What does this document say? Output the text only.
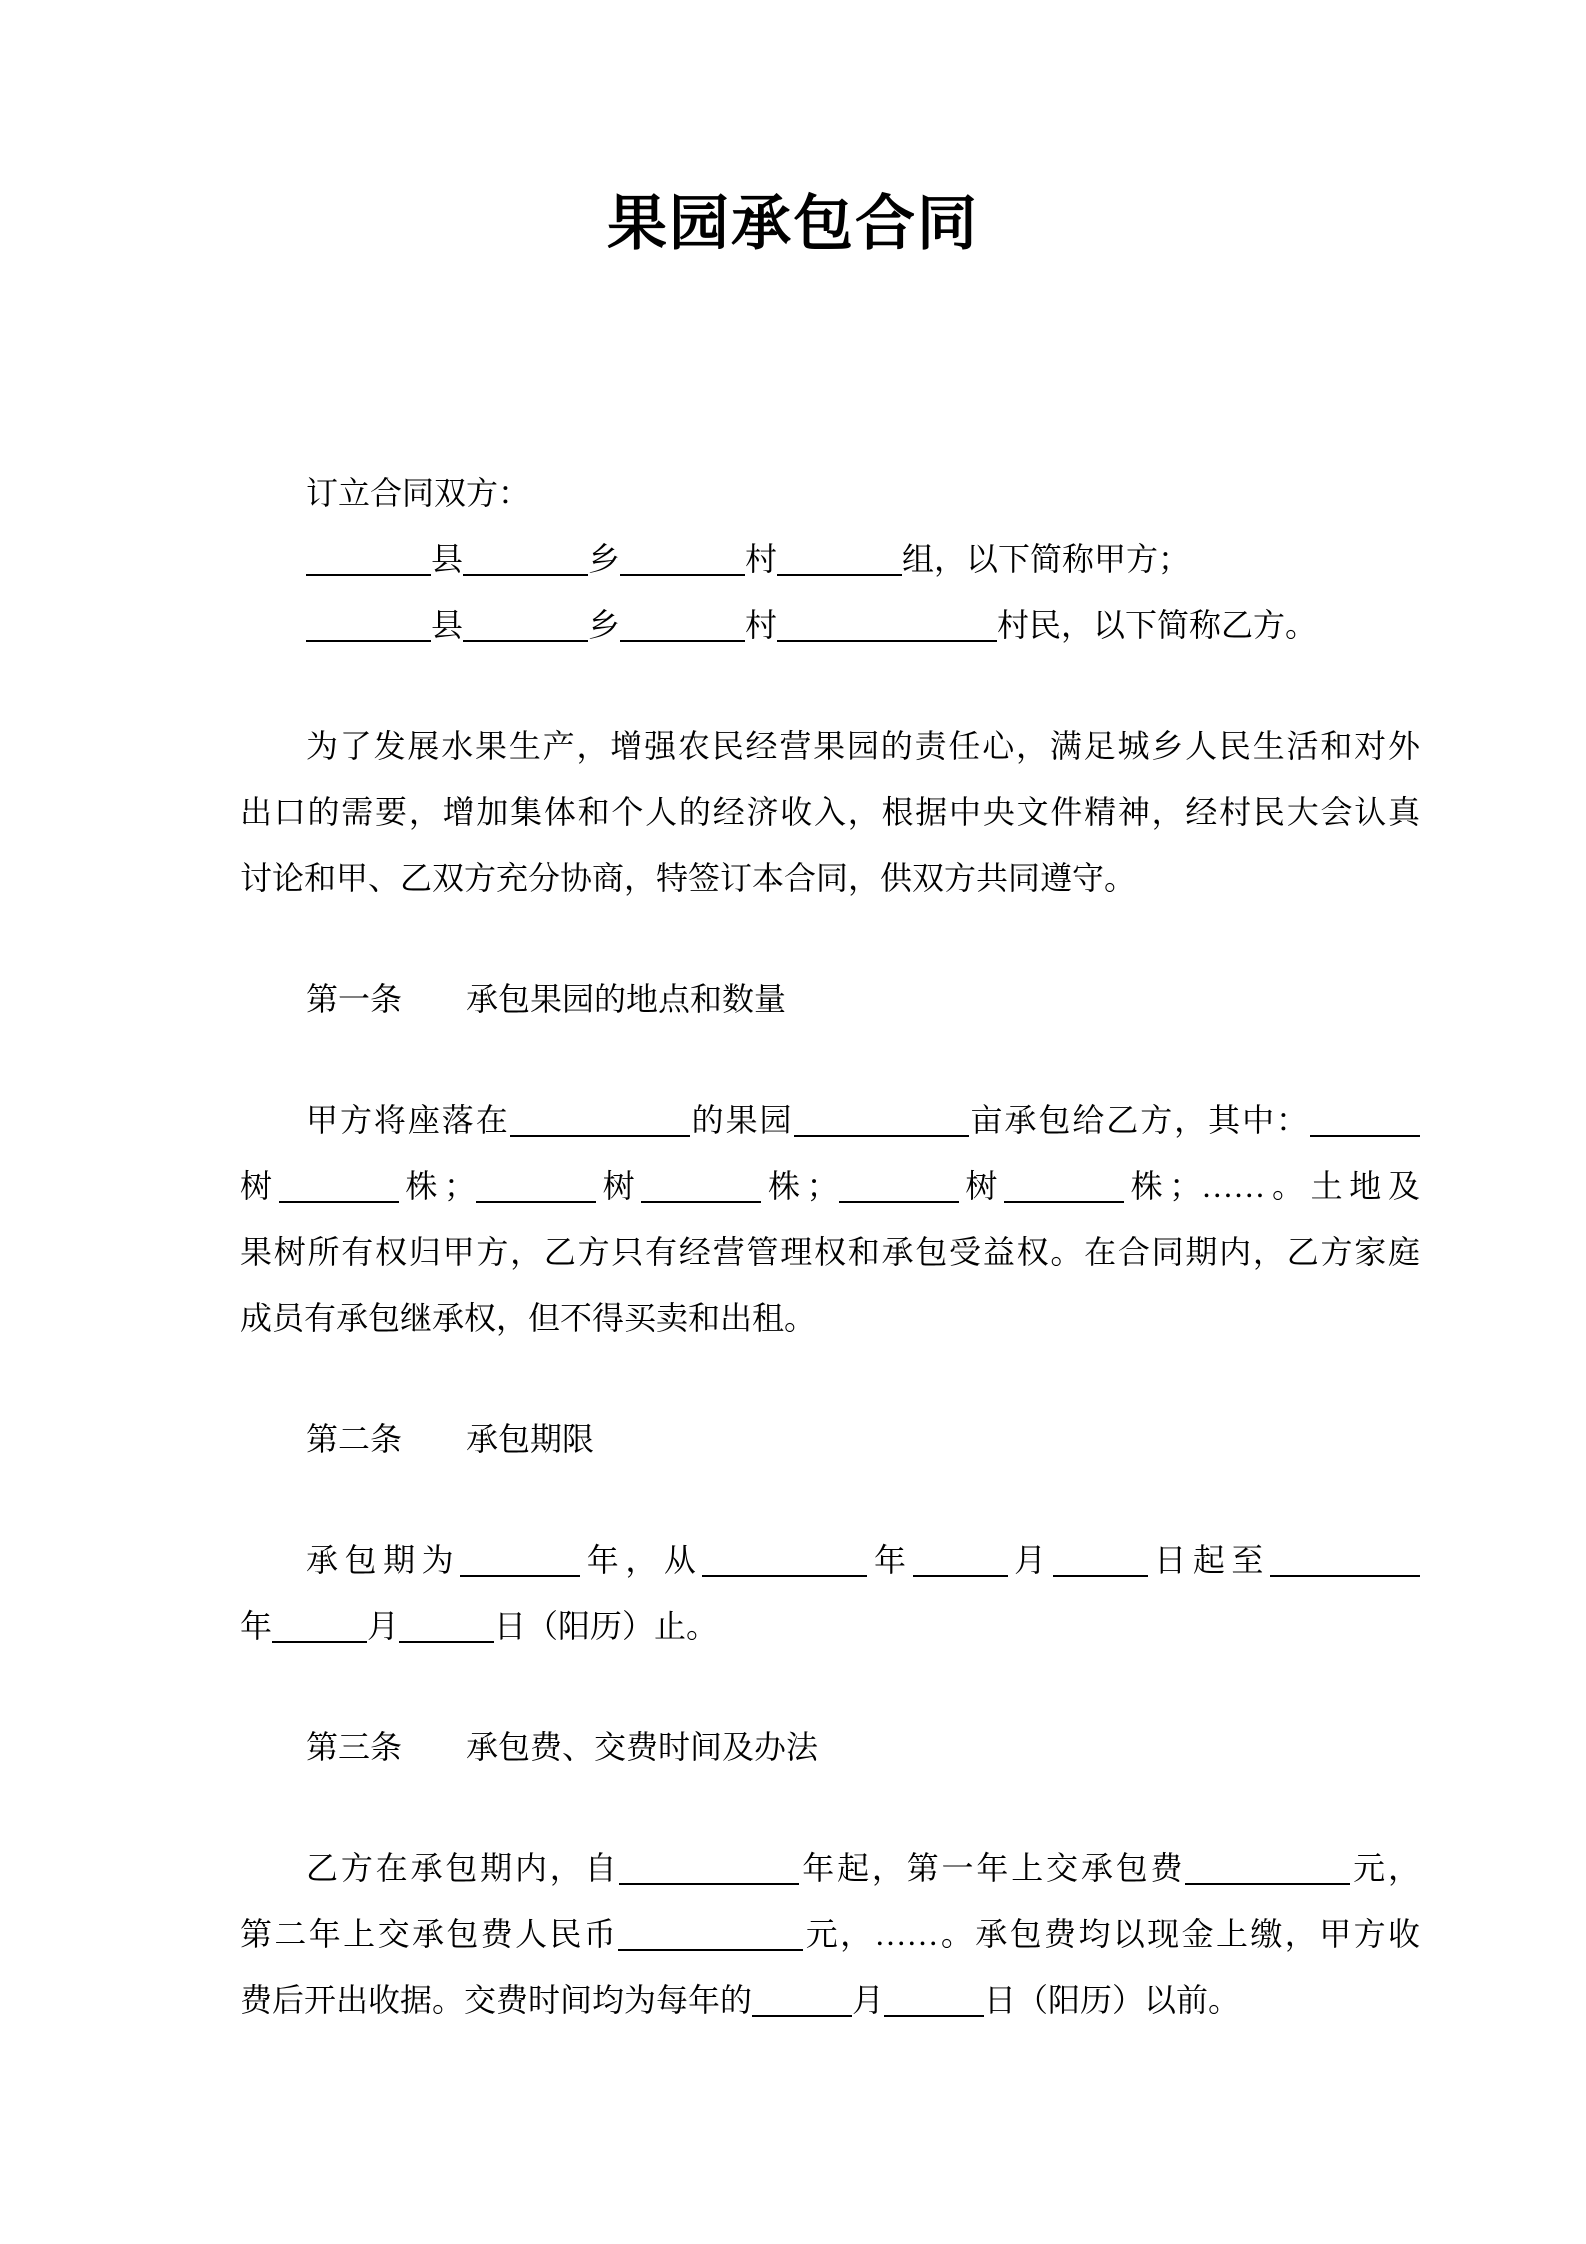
果园承包合同
订立合同双方：
县	乡	村	组，以下简称甲方；
县	乡	村	村民，以下简称乙方。
为了发展水果生产，增强农民经营果园的责任心，满足城乡人民生活和对外
出口的需要，增加集体和个人的经济收入，根据中央文件精神，经村民大会认真
讨论和甲、乙双方充分协商，特签订本合同，供双方共同遵守。
第一条　　承包果园的地点和数量
甲方将座落在	的果园	亩承包给乙方，其中：
树	株；	树	株；	树	株；……。土地及
果树所有权归甲方，乙方只有经营管理权和承包受益权。在合同期内，乙方家庭
成员有承包继承权，但不得买卖和出租。
第二条　　承包期限
承包期为	年，从	年	月	日起至
年	月	日（阳历）止。
第三条　　承包费、交费时间及办法
乙方在承包期内，自	年起，第一年上交承包费	元，
第二年上交承包费人民币	元，……。承包费均以现金上缴，甲方收
费后开出收据。交费时间均为每年的	月	日（阳历）以前。
